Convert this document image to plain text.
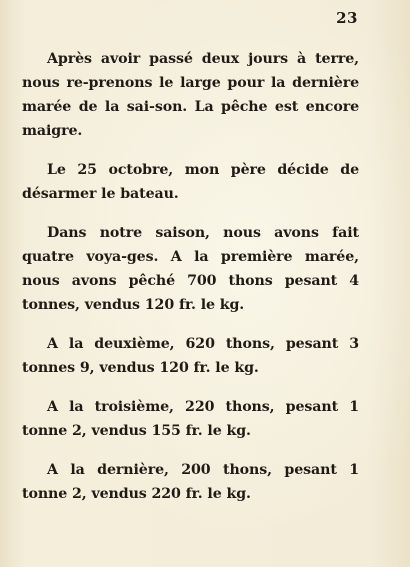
23

Après avoir passé deux jours à terre, nous re-prenons le large pour la dernière marée de la sai-son. La pêche est encore maigre.

Le 25 octobre, mon père décide de désarmer le bateau.

Dans notre saison, nous avons fait quatre voya-ges. A la première marée, nous avons pêché 700 thons pesant 4 tonnes, vendus 120 fr. le kg.

A la deuxième, 620 thons, pesant 3 tonnes 9, vendus 120 fr. le kg.

A la troisième, 220 thons, pesant 1 tonne 2, vendus 155 fr. le kg.

A la dernière, 200 thons, pesant 1 tonne 2, vendus 220 fr. le kg.
